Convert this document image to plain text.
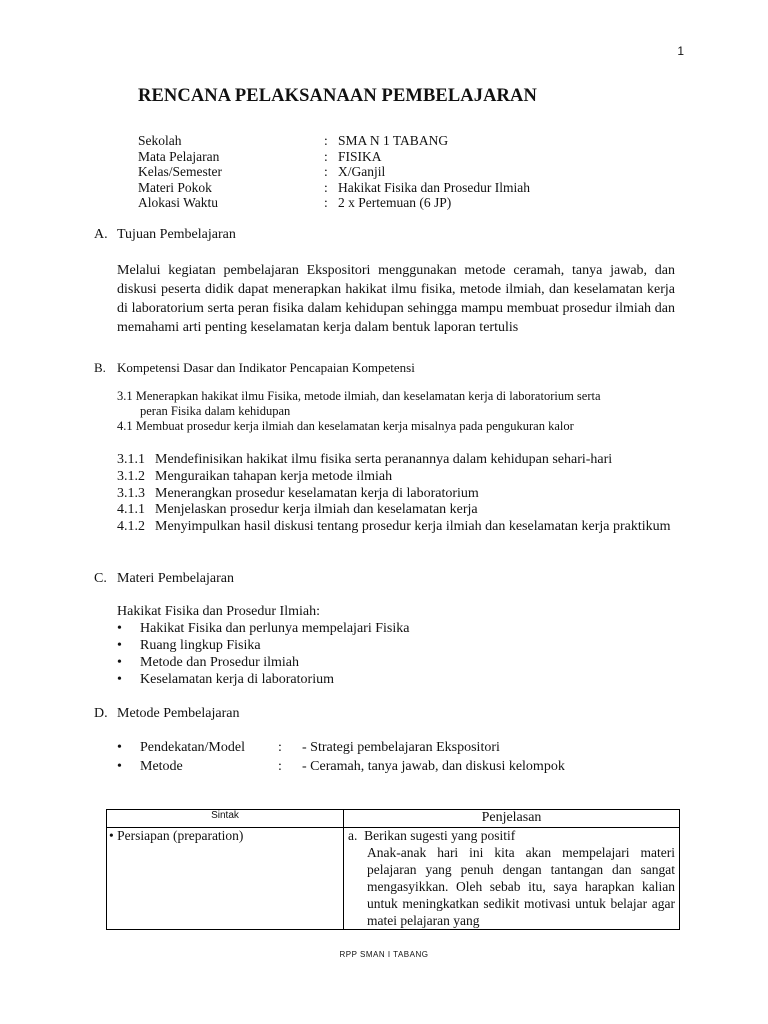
1
RENCANA PELAKSANAAN PEMBELAJARAN
Sekolah	: SMA N 1 TABANG
Mata Pelajaran	: FISIKA
Kelas/Semester	: X/Ganjil
Materi Pokok	: Hakikat Fisika dan Prosedur Ilmiah
Alokasi Waktu	: 2 x Pertemuan (6 JP)
A. Tujuan Pembelajaran
Melalui kegiatan pembelajaran Ekspositori menggunakan metode ceramah, tanya jawab, dan diskusi peserta didik dapat menerapkan hakikat ilmu fisika, metode ilmiah, dan keselamatan kerja di laboratorium serta peran fisika dalam kehidupan sehingga mampu membuat prosedur ilmiah dan memahami arti penting keselamatan kerja dalam bentuk laporan tertulis
B. Kompetensi Dasar dan Indikator Pencapaian Kompetensi
3.1 Menerapkan hakikat ilmu Fisika, metode ilmiah, dan keselamatan kerja di laboratorium serta
peran Fisika dalam kehidupan
4.1 Membuat prosedur kerja ilmiah dan keselamatan kerja misalnya pada pengukuran kalor
3.1.1 Mendefinisikan hakikat ilmu fisika serta peranannya dalam kehidupan sehari-hari
3.1.2 Menguraikan tahapan kerja metode ilmiah
3.1.3 Menerangkan prosedur keselamatan kerja di laboratorium
4.1.1 Menjelaskan prosedur kerja ilmiah dan keselamatan kerja
4.1.2 Menyimpulkan hasil diskusi tentang prosedur kerja ilmiah dan keselamatan kerja praktikum
C. Materi Pembelajaran
Hakikat Fisika dan Prosedur Ilmiah:
• Hakikat Fisika dan perlunya mempelajari Fisika
• Ruang lingkup Fisika
• Metode dan Prosedur ilmiah
• Keselamatan kerja di laboratorium
D. Metode Pembelajaran
• Pendekatan/Model : - Strategi pembelajaran Ekspositori
• Metode	: - Ceramah, tanya jawab, dan diskusi kelompok
Sintak	Penjelasan
• Persiapan (preparation)	a. Berikan sugesti yang positif
Anak-anak hari ini kita akan mempelajari materi pelajaran yang penuh dengan tantangan dan sangat mengasyikkan. Oleh sebab itu, saya harapkan kalian untuk meningkatkan sedikit motivasi untuk belajar agar matei pelajaran yang
RPP SMAN I TABANG
